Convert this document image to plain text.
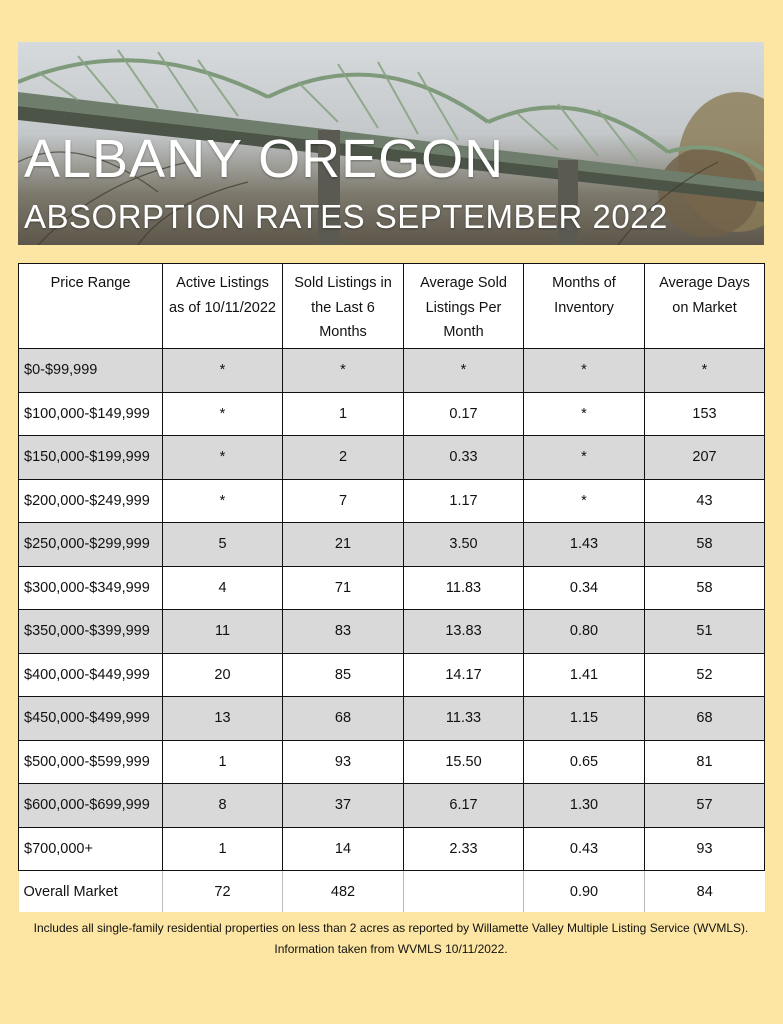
ALBANY OREGON
ABSORPTION RATES SEPTEMBER 2022
Price Range	Active Listings as of 10/11/2022	Sold Listings in the Last 6 Months	Average Sold Listings Per Month	Months of Inventory	Average Days on Market
$0-$99,999	*	*	*	*	*
$100,000-$149,999	*	1	0.17	*	153
$150,000-$199,999	*	2	0.33	*	207
$200,000-$249,999	*	7	1.17	*	43
$250,000-$299,999	5	21	3.50	1.43	58
$300,000-$349,999	4	71	11.83	0.34	58
$350,000-$399,999	11	83	13.83	0.80	51
$400,000-$449,999	20	85	14.17	1.41	52
$450,000-$499,999	13	68	11.33	1.15	68
$500,000-$599,999	1	93	15.50	0.65	81
$600,000-$699,999	8	37	6.17	1.30	57
$700,000+	1	14	2.33	0.43	93
Overall Market	72	482		0.90	84
Includes all single-family residential properties on less than 2 acres as reported by Willamette Valley Multiple Listing Service (WVMLS).
Information taken from WVMLS 10/11/2022.
